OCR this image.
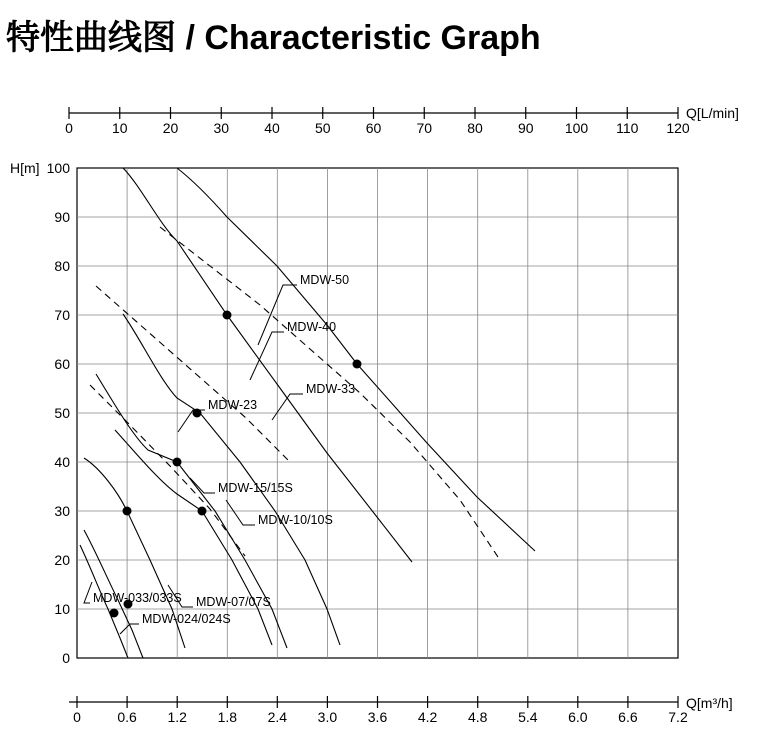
特性曲线图 / Characteristic Graph
0	10	20	30	40	50	60	70	80	90 100 110 120
Q[L/min]
H[m] 100
90
80
70
60
50
40
30
20
10
0
MDW-50
MDW-40
MDW-33
MDW-23
MDW-15/15S
MDW-10/10S
MDW-07/07S
MDW-033/033S
MDW-024/024S
0	0.6 1.2 1.8 2.4 3.0 3.6 4.2 4.8 5.4 6.0 6.6 7.2
Q[m³/h]
